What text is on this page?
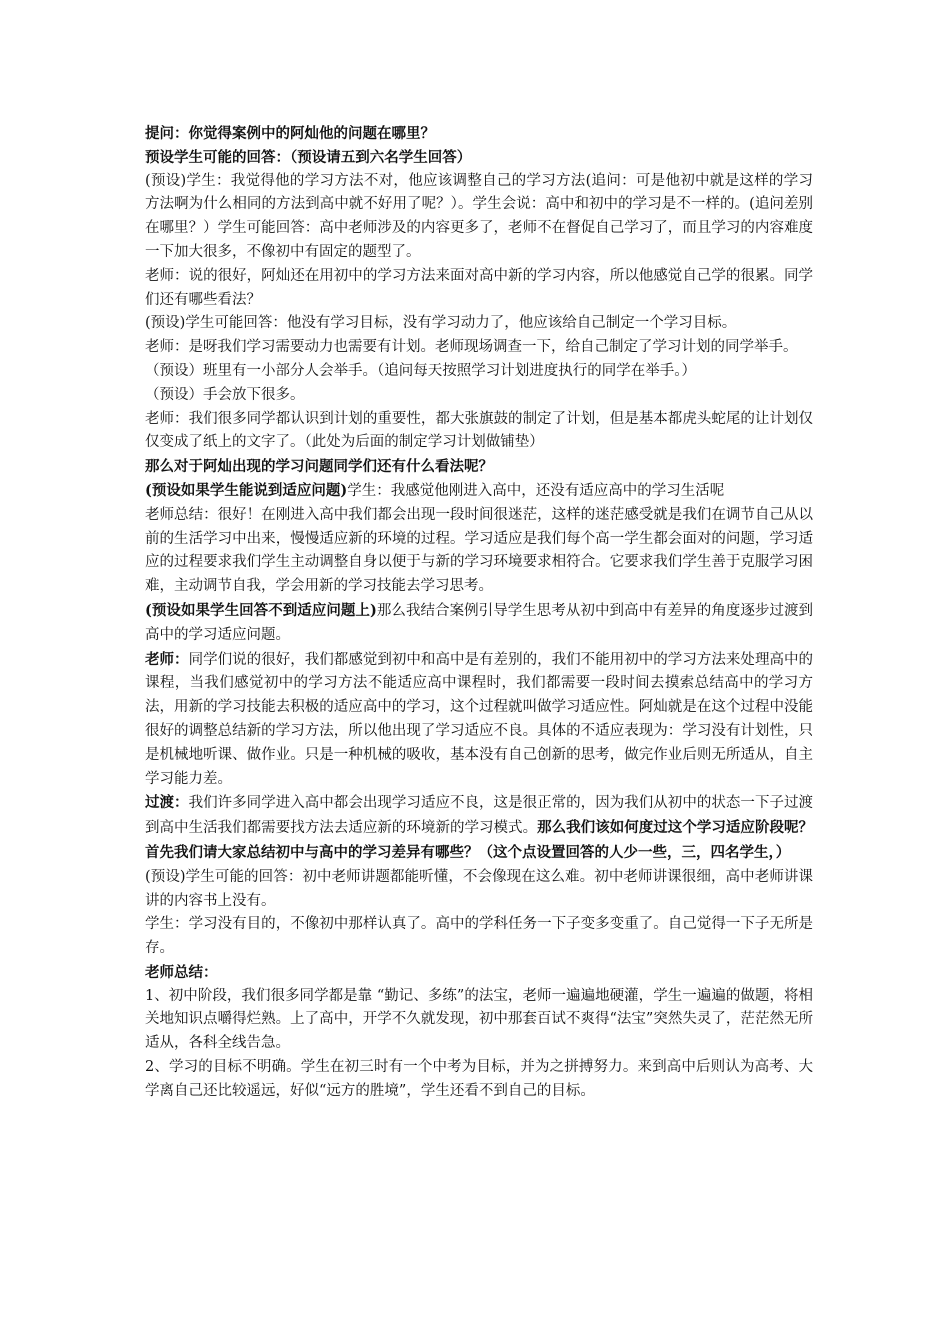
提问：你觉得案例中的阿灿他的问题在哪里？

预设学生可能的回答：（预设请五到六名学生回答）

(预设)学生：我觉得他的学习方法不对，他应该调整自己的学习方法(追问：可是他初中就是这样的学习方法啊为什么相同的方法到高中就不好用了呢？）。学生会说：高中和初中的学习是不一样的。(追问差别在哪里？）学生可能回答：高中老师涉及的内容更多了，老师不在督促自己学习了，而且学习的内容难度一下加大很多，不像初中有固定的题型了。

老师：说的很好，阿灿还在用初中的学习方法来面对高中新的学习内容，所以他感觉自己学的很累。同学们还有哪些看法？

(预设)学生可能回答：他没有学习目标，没有学习动力了，他应该给自己制定一个学习目标。

老师：是呀我们学习需要动力也需要有计划。老师现场调查一下，给自己制定了学习计划的同学举手。

（预设）班里有一小部分人会举手。（追问每天按照学习计划进度执行的同学在举手。）

（预设）手会放下很多。

老师：我们很多同学都认识到计划的重要性，都大张旗鼓的制定了计划，但是基本都虎头蛇尾的让计划仅仅变成了纸上的文字了。（此处为后面的制定学习计划做铺垫）

那么对于阿灿出现的学习问题同学们还有什么看法呢？

(预设如果学生能说到适应问题)学生：我感觉他刚进入高中，还没有适应高中的学习生活呢

老师总结：很好！在刚进入高中我们都会出现一段时间很迷茫，这样的迷茫感受就是我们在调节自己从以前的生活学习中出来，慢慢适应新的环境的过程。学习适应是我们每个高一学生都会面对的问题，学习适应的过程要求我们学生主动调整自身以便于与新的学习环境要求相符合。它要求我们学生善于克服学习困难，主动调节自我，学会用新的学习技能去学习思考。

(预设如果学生回答不到适应问题上)那么我结合案例引导学生思考从初中到高中有差异的角度逐步过渡到高中的学习适应问题。

老师：同学们说的很好，我们都感觉到初中和高中是有差别的，我们不能用初中的学习方法来处理高中的课程，当我们感觉初中的学习方法不能适应高中课程时，我们都需要一段时间去摸索总结高中的学习方法，用新的学习技能去积极的适应高中的学习，这个过程就叫做学习适应性。阿灿就是在这个过程中没能很好的调整总结新的学习方法，所以他出现了学习适应不良。具体的不适应表现为：学习没有计划性，只是机械地听课、做作业。只是一种机械的吸收，基本没有自己创新的思考，做完作业后则无所适从，自主学习能力差。

过渡：我们许多同学进入高中都会出现学习适应不良，这是很正常的，因为我们从初中的状态一下子过渡到高中生活我们都需要找方法去适应新的环境新的学习模式。那么我们该如何度过这个学习适应阶段呢？首先我们请大家总结初中与高中的学习差异有哪些？（这个点设置回答的人少一些，三，四名学生，）

(预设)学生可能的回答：初中老师讲题都能听懂，不会像现在这么难。初中老师讲课很细，高中老师讲课讲的内容书上没有。

学生：学习没有目的，不像初中那样认真了。高中的学科任务一下子变多变重了。自己觉得一下子无所是存。

老师总结：

1、初中阶段，我们很多同学都是靠 “勤记、多练”的法宝，老师一遍遍地硬灌，学生一遍遍的做题，将相关地知识点嚼得烂熟。上了高中，开学不久就发现，初中那套百试不爽得“法宝”突然失灵了，茫茫然无所适从，各科全线告急。

2、学习的目标不明确。学生在初三时有一个中考为目标，并为之拼搏努力。来到高中后则认为高考、大学离自己还比较遥远，好似“远方的胜境”，学生还看不到自己的目标。
